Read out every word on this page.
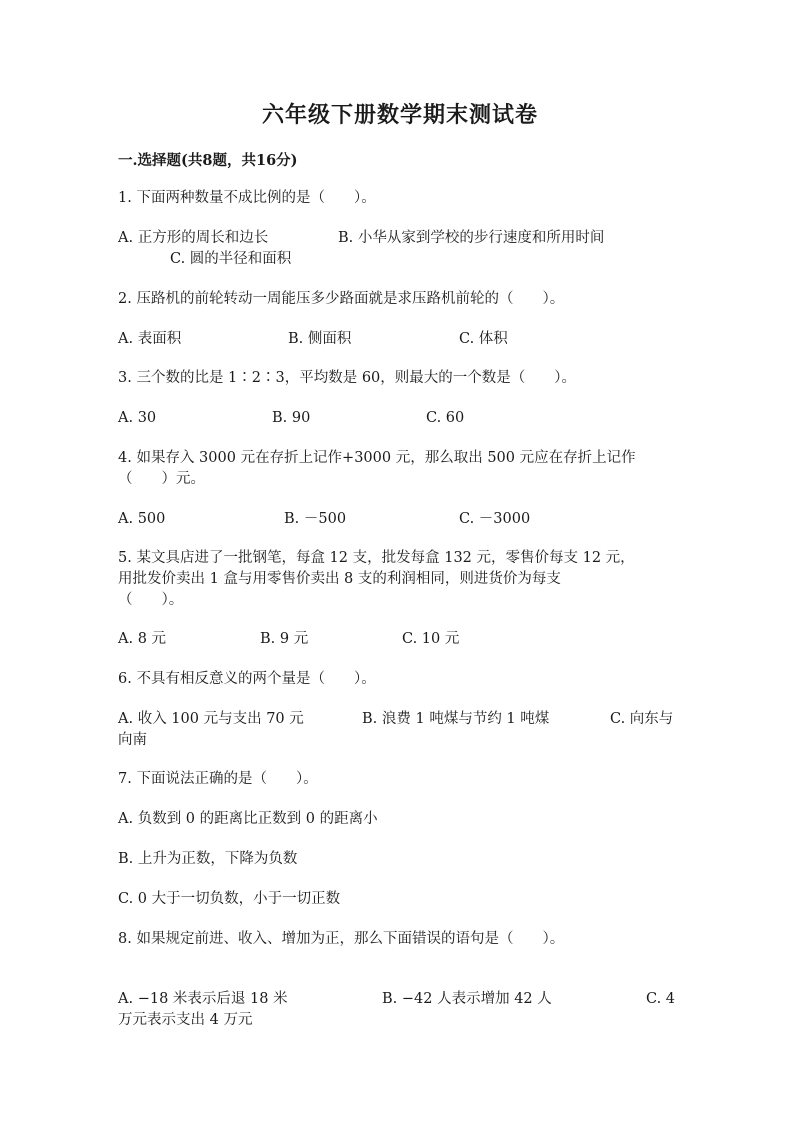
六年级下册数学期末测试卷
一.选择题(共8题，共16分)
1. 下面两种数量不成比例的是（　　）。
A. 正方形的周长和边长	B. 小华从家到学校的步行速度和所用时间
C. 圆的半径和面积
2. 压路机的前轮转动一周能压多少路面就是求压路机前轮的（　　）。
A. 表面积	B. 侧面积	C. 体积
3. 三个数的比是 1∶2∶3，平均数是 60，则最大的一个数是（　　）。
A. 30	B. 90	C. 60
4. 如果存入 3000 元在存折上记作+3000 元，那么取出 500 元应在存折上记作
（　　）元。
A. 500	B. －500	C. －3000
5. 某文具店进了一批钢笔，每盒 12 支，批发每盒 132 元，零售价每支 12 元，
用批发价卖出 1 盒与用零售价卖出 8 支的利润相同，则进货价为每支
（　　）。
A. 8 元	B. 9 元	C. 10 元
6. 不具有相反意义的两个量是（　　）。
A. 收入 100 元与支出 70 元	B. 浪费 1 吨煤与节约 1 吨煤	C. 向东与
向南
7. 下面说法正确的是（　　）。
A. 负数到 0 的距离比正数到 0 的距离小
B. 上升为正数，下降为负数
C. 0 大于一切负数，小于一切正数
8. 如果规定前进、收入、增加为正，那么下面错误的语句是（　　）。
A. −18 米表示后退 18 米	B. −42 人表示增加 42 人	C. 4
万元表示支出 4 万元
